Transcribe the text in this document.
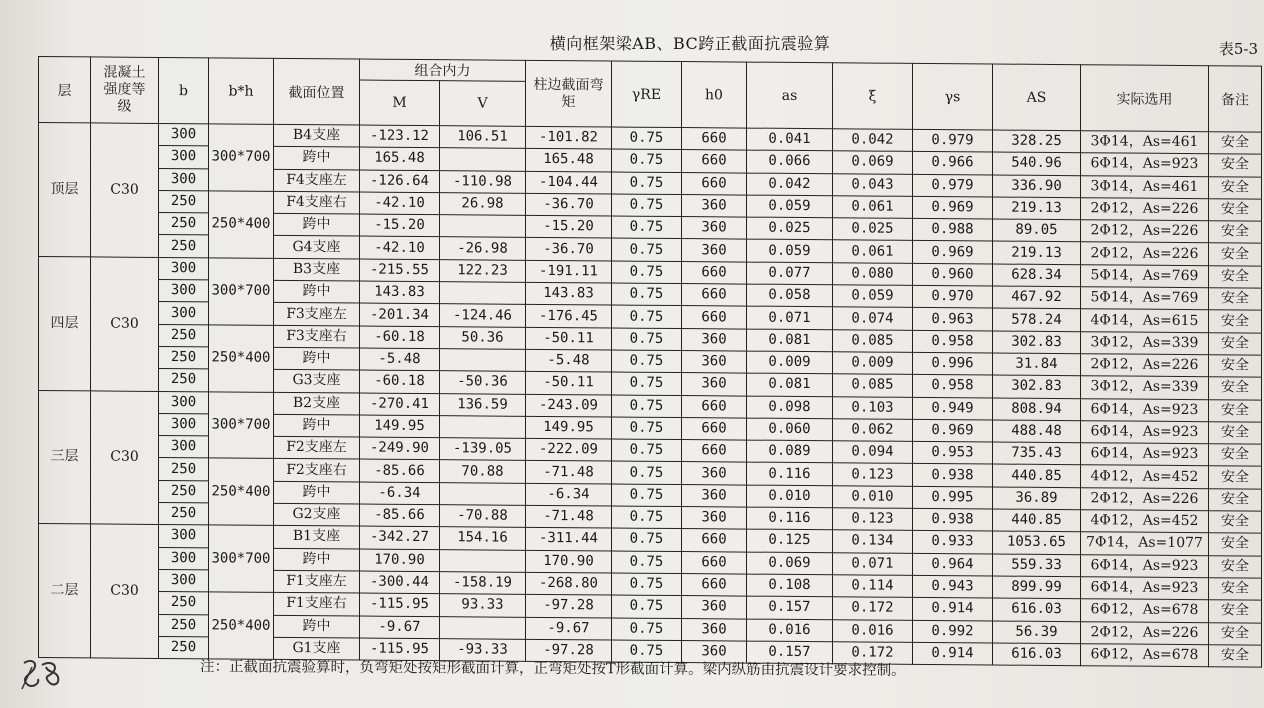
横向框架梁AB、BC跨正截面抗震验算	表5-3
层	混凝土强度等级	b	b*h	截面位置	组合内力		柱边截面弯矩	γRE	h0	as	ξ	γs	AS	实际选用	备注
					M	V									
顶层	C30	300	300*700	B4支座	-123.12	106.51	-101.82	0.75	660	0.041	0.042	0.979	328.25	3Φ14，As=461	安全
		300		跨中	165.48		165.48	0.75	660	0.066	0.069	0.966	540.96	6Φ14，As=923	安全
		300		F4支座左	-126.64	-110.98	-104.44	0.75	660	0.042	0.043	0.979	336.90	3Φ14，As=461	安全
		250	250*400	F4支座右	-42.10	26.98	-36.70	0.75	360	0.059	0.061	0.969	219.13	2Φ12，As=226	安全
		250		跨中	-15.20		-15.20	0.75	360	0.025	0.025	0.988	89.05	2Φ12，As=226	安全
		250		G4支座	-42.10	-26.98	-36.70	0.75	360	0.059	0.061	0.969	219.13	2Φ12，As=226	安全
四层	C30	300	300*700	B3支座	-215.55	122.23	-191.11	0.75	660	0.077	0.080	0.960	628.34	5Φ14，As=769	安全
		300		跨中	143.83		143.83	0.75	660	0.058	0.059	0.970	467.92	5Φ14，As=769	安全
		300		F3支座左	-201.34	-124.46	-176.45	0.75	660	0.071	0.074	0.963	578.24	4Φ14，As=615	安全
		250	250*400	F3支座右	-60.18	50.36	-50.11	0.75	360	0.081	0.085	0.958	302.83	3Φ12，As=339	安全
		250		跨中	-5.48		-5.48	0.75	360	0.009	0.009	0.996	31.84	2Φ12，As=226	安全
		250		G3支座	-60.18	-50.36	-50.11	0.75	360	0.081	0.085	0.958	302.83	3Φ12，As=339	安全
三层	C30	300	300*700	B2支座	-270.41	136.59	-243.09	0.75	660	0.098	0.103	0.949	808.94	6Φ14，As=923	安全
		300		跨中	149.95		149.95	0.75	660	0.060	0.062	0.969	488.48	6Φ14，As=923	安全
		300		F2支座左	-249.90	-139.05	-222.09	0.75	660	0.089	0.094	0.953	735.43	6Φ14，As=923	安全
		250	250*400	F2支座右	-85.66	70.88	-71.48	0.75	360	0.116	0.123	0.938	440.85	4Φ12，As=452	安全
		250		跨中	-6.34		-6.34	0.75	360	0.010	0.010	0.995	36.89	2Φ12，As=226	安全
		250		G2支座	-85.66	-70.88	-71.48	0.75	360	0.116	0.123	0.938	440.85	4Φ12，As=452	安全
二层	C30	300	300*700	B1支座	-342.27	154.16	-311.44	0.75	660	0.125	0.134	0.933	1053.65	7Φ14，As=1077	安全
		300		跨中	170.90		170.90	0.75	660	0.069	0.071	0.964	559.33	6Φ14，As=923	安全
		300		F1支座左	-300.44	-158.19	-268.80	0.75	660	0.108	0.114	0.943	899.99	6Φ14，As=923	安全
		250	250*400	F1支座右	-115.95	93.33	-97.28	0.75	360	0.157	0.172	0.914	616.03	6Φ12，As=678	安全
		250		跨中	-9.67		-9.67	0.75	360	0.016	0.016	0.992	56.39	2Φ12，As=226	安全
		250		G1支座	-115.95	-93.33	-97.28	0.75	360	0.157	0.172	0.914	616.03	6Φ12，As=678	安全
注：正截面抗震验算时，负弯矩处按矩形截面计算，正弯矩处按T形截面计算。梁内纵筋由抗震设计要求控制。
